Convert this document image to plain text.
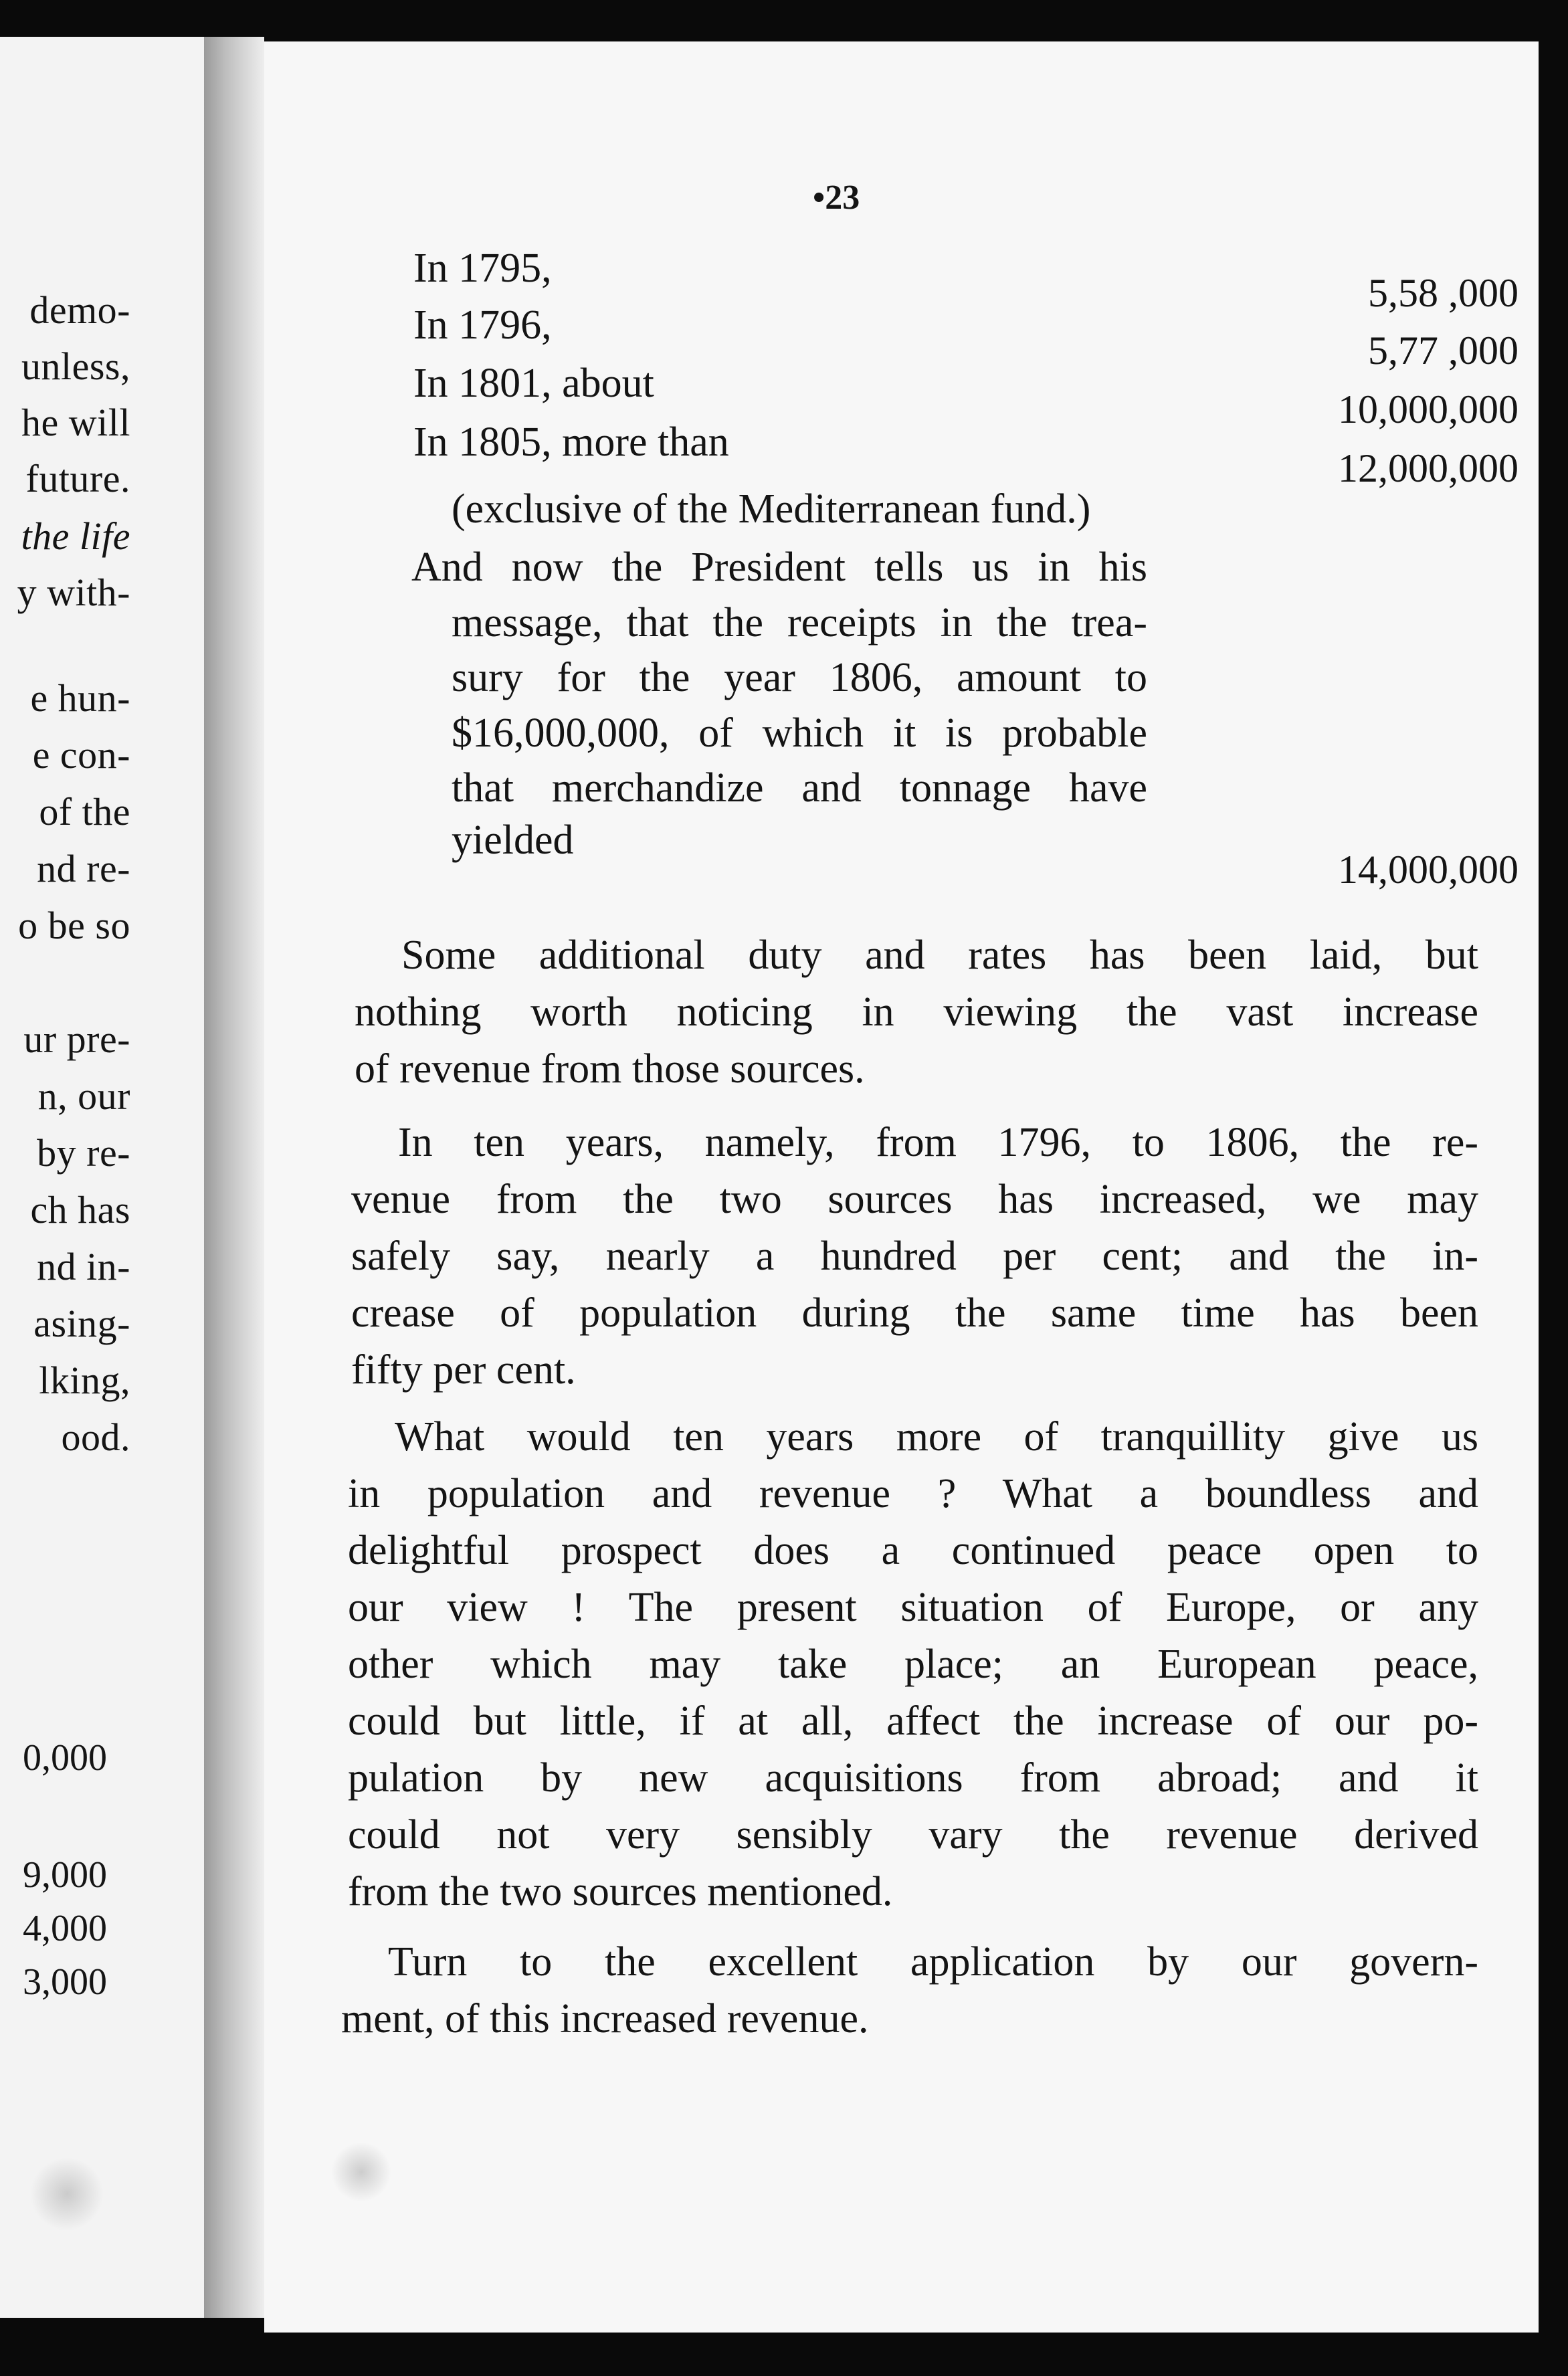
demo-
unless,
he will
future.
the life
y with-
e hun-
e con-
of the
nd re-
o be so
ur pre-
n, our
by re-
ch has
nd in-
asing-
lking,
ood.
0,000
9,000
4,000
3,000
•23
In 1795,
5,58 ,000
In 1796,
5,77 ,000
In 1801, about
10,000,000
In 1805, more than
12,000,000
(exclusive of the Mediterranean fund.)
And now the President tells us in his
message, that the receipts in the trea-
sury for the year 1806, amount to
$16,000,000, of which it is probable
that merchandize and tonnage have
yielded
14,000,000
Some additional duty and rates has been laid, but
nothing worth noticing in viewing the vast increase
of revenue from those sources.
In ten years, namely, from 1796, to 1806, the re-
venue from the two sources has increased, we may
safely say, nearly a hundred per cent; and the in-
crease of population during the same time has been
fifty per cent.
What would ten years more of tranquillity give us
in population and revenue ? What a boundless and
delightful prospect does a continued peace open to
our view ! The present situation of Europe, or any
other which may take place; an European peace,
could but little, if at all, affect the increase of our po-
pulation by new acquisitions from abroad; and it
could not very sensibly vary the revenue derived
from the two sources mentioned.
Turn to the excellent application by our govern-
ment, of this increased revenue.
